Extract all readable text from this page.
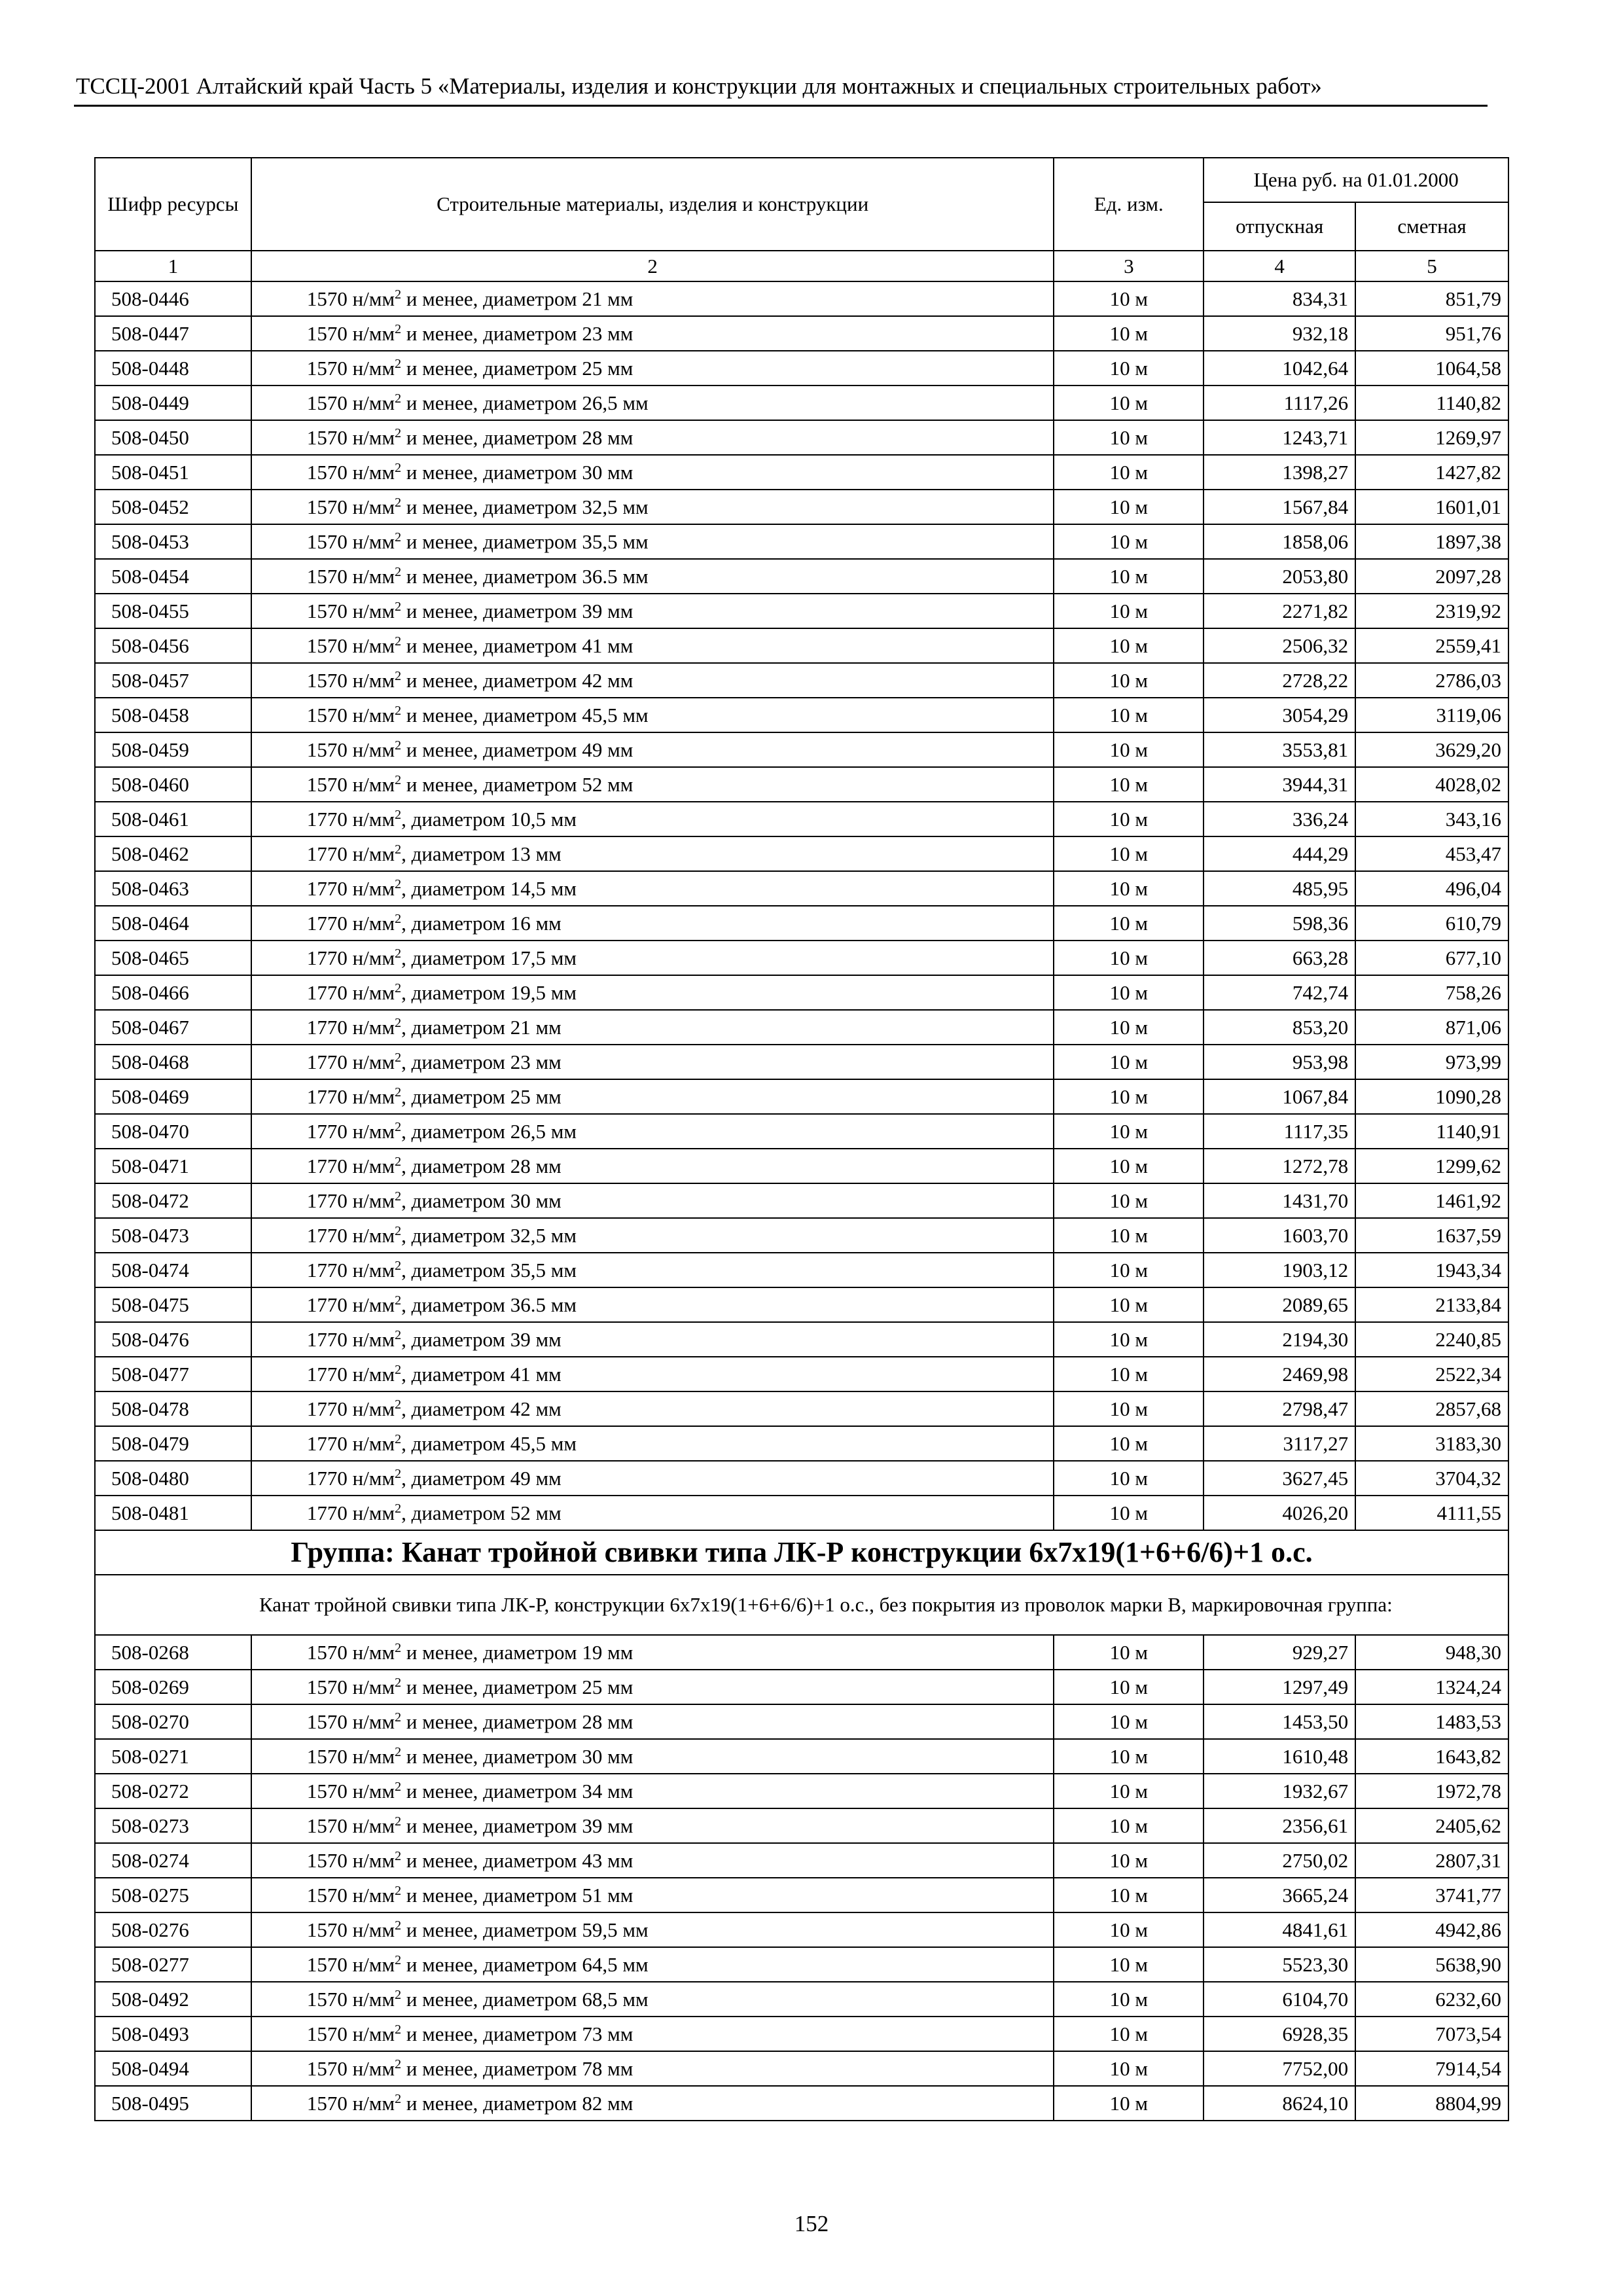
ТССЦ-2001 Алтайский край Часть 5 «Материалы, изделия и конструкции для монтажных и специальных строительных работ»
Шифр ресурсы	Строительные материалы, изделия и конструкции	Ед. изм.	Цена руб. на 01.01.2000	
			отпускная	сметная
1	2	3	4	5
508-0446	1570 $н/мм^2$ и менее, диаметром 21 мм	10 м	834,31	851,79
508-0447	1570 $н/мм^2$ и менее, диаметром 23 мм	10 м	932,18	951,76
508-0448	1570 $н/мм^2$ и менее, диаметром 25 мм	10 м	1042,64	1064,58
508-0449	1570 $н/мм^2$ и менее, диаметром 26,5 мм	10 м	1117,26	1140,82
508-0450	1570 $н/мм^2$ и менее, диаметром 28 мм	10 м	1243,71	1269,97
508-0451	1570 $н/мм^2$ и менее, диаметром 30 мм	10 м	1398,27	1427,82
508-0452	1570 $н/мм^2$ и менее, диаметром 32,5 мм	10 м	1567,84	1601,01
508-0453	1570 $н/мм^2$ и менее, диаметром 35,5 мм	10 м	1858,06	1897,38
508-0454	1570 $н/мм^2$ и менее, диаметром 36.5 мм	10 м	2053,80	2097,28
508-0455	1570 $н/мм^2$ и менее, диаметром 39 мм	10 м	2271,82	2319,92
508-0456	1570 $н/мм^2$ и менее, диаметром 41 мм	10 м	2506,32	2559,41
508-0457	1570 $н/мм^2$ и менее, диаметром 42 мм	10 м	2728,22	2786,03
508-0458	1570 $н/мм^2$ и менее, диаметром 45,5 мм	10 м	3054,29	3119,06
508-0459	1570 $н/мм^2$ и менее, диаметром 49 мм	10 м	3553,81	3629,20
508-0460	1570 $н/мм^2$ и менее, диаметром 52 мм	10 м	3944,31	4028,02
508-0461	1770 $н/мм^2$, диаметром 10,5 мм	10 м	336,24	343,16
508-0462	1770 $н/мм^2$, диаметром 13 мм	10 м	444,29	453,47
508-0463	1770 $н/мм^2$, диаметром 14,5 мм	10 м	485,95	496,04
508-0464	1770 $н/мм^2$, диаметром 16 мм	10 м	598,36	610,79
508-0465	1770 $н/мм^2$, диаметром 17,5 мм	10 м	663,28	677,10
508-0466	1770 $н/мм^2$, диаметром 19,5 мм	10 м	742,74	758,26
508-0467	1770 $н/мм^2$, диаметром 21 мм	10 м	853,20	871,06
508-0468	1770 $н/мм^2$, диаметром 23 мм	10 м	953,98	973,99
508-0469	1770 $н/мм^2$, диаметром 25 мм	10 м	1067,84	1090,28
508-0470	1770 $н/мм^2$, диаметром 26,5 мм	10 м	1117,35	1140,91
508-0471	1770 $н/мм^2$, диаметром 28 мм	10 м	1272,78	1299,62
508-0472	1770 $н/мм^2$, диаметром 30 мм	10 м	1431,70	1461,92
508-0473	1770 $н/мм^2$, диаметром 32,5 мм	10 м	1603,70	1637,59
508-0474	1770 $н/мм^2$, диаметром 35,5 мм	10 м	1903,12	1943,34
508-0475	1770 $н/мм^2$, диаметром 36.5 мм	10 м	2089,65	2133,84
508-0476	1770 $н/мм^2$, диаметром 39 мм	10 м	2194,30	2240,85
508-0477	1770 $н/мм^2$, диаметром 41 мм	10 м	2469,98	2522,34
508-0478	1770 $н/мм^2$, диаметром 42 мм	10 м	2798,47	2857,68
508-0479	1770 $н/мм^2$, диаметром 45,5 мм	10 м	3117,27	3183,30
508-0480	1770 $н/мм^2$, диаметром 49 мм	10 м	3627,45	3704,32
508-0481	1770 $н/мм^2$, диаметром 52 мм	10 м	4026,20	4111,55
Группа: Канат тройной свивки типа ЛК-Р конструкции 6х7х19(1+6+6/6)+1 о.с.				
Канат тройной свивки типа ЛК-Р, конструкции 6х7х19(1+6+6/6)+1 о.с., без покрытия из проволок марки В, маркировочная группа:				
508-0268	1570 $н/мм^2$ и менее, диаметром 19 мм	10 м	929,27	948,30
508-0269	1570 $н/мм^2$ и менее, диаметром 25 мм	10 м	1297,49	1324,24
508-0270	1570 $н/мм^2$ и менее, диаметром 28 мм	10 м	1453,50	1483,53
508-0271	1570 $н/мм^2$ и менее, диаметром 30 мм	10 м	1610,48	1643,82
508-0272	1570 $н/мм^2$ и менее, диаметром 34 мм	10 м	1932,67	1972,78
508-0273	1570 $н/мм^2$ и менее, диаметром 39 мм	10 м	2356,61	2405,62
508-0274	1570 $н/мм^2$ и менее, диаметром 43 мм	10 м	2750,02	2807,31
508-0275	1570 $н/мм^2$ и менее, диаметром 51 мм	10 м	3665,24	3741,77
508-0276	1570 $н/мм^2$ и менее, диаметром 59,5 мм	10 м	4841,61	4942,86
508-0277	1570 $н/мм^2$ и менее, диаметром 64,5 мм	10 м	5523,30	5638,90
508-0492	1570 $н/мм^2$ и менее, диаметром 68,5 мм	10 м	6104,70	6232,60
508-0493	1570 $н/мм^2$ и менее, диаметром 73 мм	10 м	6928,35	7073,54
508-0494	1570 $н/мм^2$ и менее, диаметром 78 мм	10 м	7752,00	7914,54
508-0495	1570 $н/мм^2$ и менее, диаметром 82 мм	10 м	8624,10	8804,99
152
